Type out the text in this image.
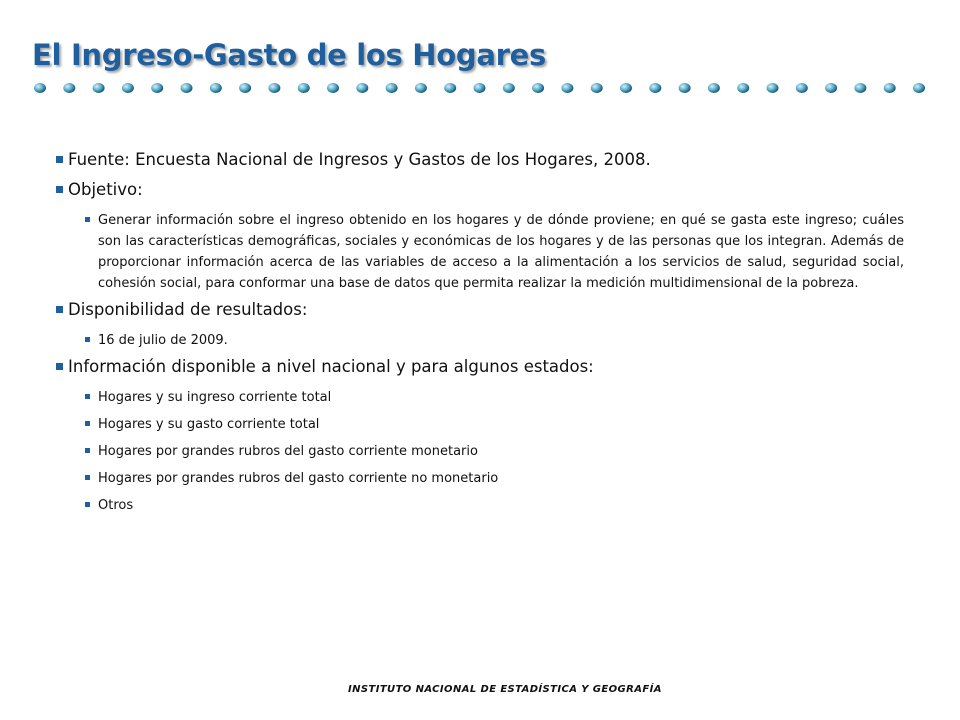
El Ingreso-Gasto de los Hogares
Fuente: Encuesta Nacional de Ingresos y Gastos de los Hogares, 2008.
Objetivo:
Generar información sobre el ingreso obtenido en los hogares y de dónde proviene; en qué se gasta este ingreso; cuáles son las características demográficas, sociales y económicas de los hogares y de las personas que los integran. Además de proporcionar información acerca de las variables de acceso a la alimentación a los servicios de salud, seguridad social, cohesión social, para conformar una base de datos que permita realizar la medición multidimensional de la pobreza.
Disponibilidad de resultados:
16 de julio de 2009.
Información disponible a nivel nacional y para algunos estados:
Hogares y su ingreso corriente total
Hogares y su gasto corriente total
Hogares por grandes rubros del gasto corriente monetario
Hogares por grandes rubros del gasto corriente no monetario
Otros
INSTITUTO NACIONAL DE ESTADÍSTICA Y GEOGRAFÍA
